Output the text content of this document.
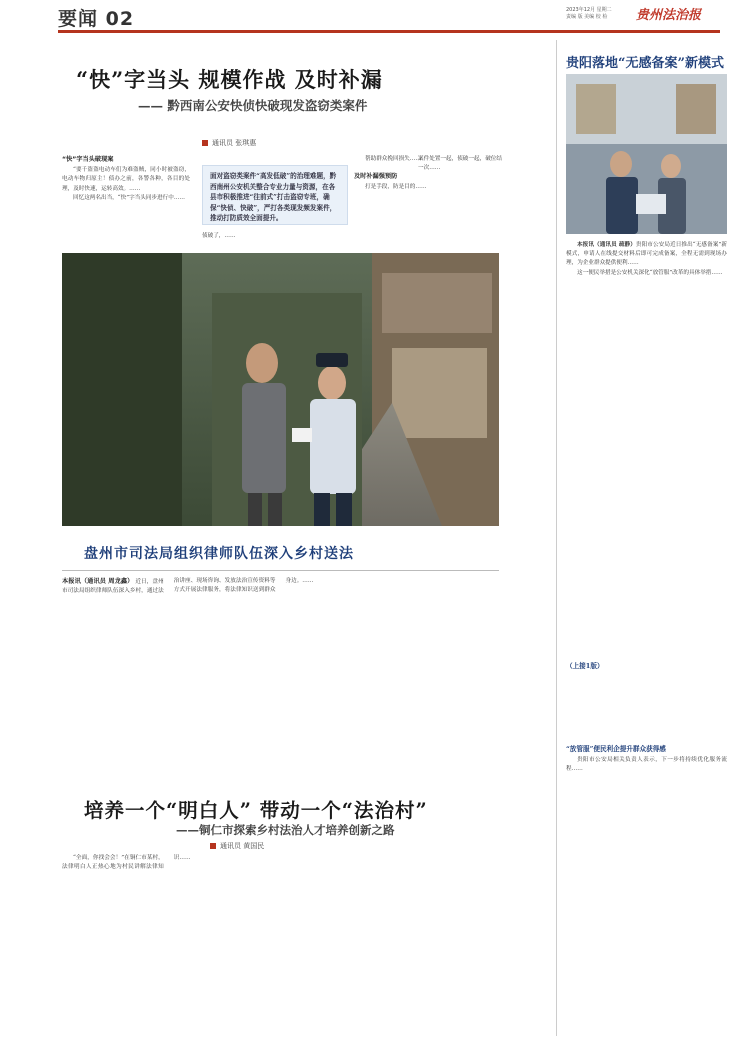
要闻 02	2023年12月 星期二
责编 版 美编 校 检	贵州法治报
“快”字当头 规模作战 及时补漏
—— 黔西南公安快侦快破现发盗窃类案件
通讯员 张琪惠
“快”字当头破现案
“要千盗盗电动车们为难盗贼，同小时被盗窃，电动车物归原主！侦办之前，各警各种，各目的处理，及时快速，运转高效。……
回忆这两名出当，“快”字当头同步进行中……
面对盗窃类案件“高发低破”的治理难题，黔西南州公安机关整合专业力量与资源，在各县市积极推进“往前式”打击盗窃专班，确保“快侦、快破”，严打各类现发频发案件，推动打防质效全面提升。
侦破了，……
帮助群众挽回损失……
及时补漏强预防
打是手段，防是目的……
案件处置一起，侦破一起，破位结一次……
盘州市司法局组织律师队伍深入乡村送法
本报讯（通讯员 周龙鑫） 近日，盘州市司法局组织律师队伍深入乡村，通过法治讲座、现场咨询、发放法治宣传资料等方式开展法律服务，将法律知识送到群众身边。……
培养一个“明白人” 带动一个“法治村”
——铜仁市探索乡村法治人才培养创新之路
通讯员 黄国民
“全面，你找会会！”在铜仁市某村，法律明白人正热心地为村民讲解法律知识……
贵阳落地“无感备案”新模式
本报讯（通讯员 疏静）贵阳市公安局近日推出“无感备案”新模式，申请人在线提交材料后即可完成备案，全程无需到现场办理，为企业群众提供便利……
这一便民举措是公安机关深化“放管服”改革的具体举措……
（上接1版）
“放管服”便民利企提升群众获得感
贵阳市公安局相关负责人表示，下一步将持续优化服务流程……
